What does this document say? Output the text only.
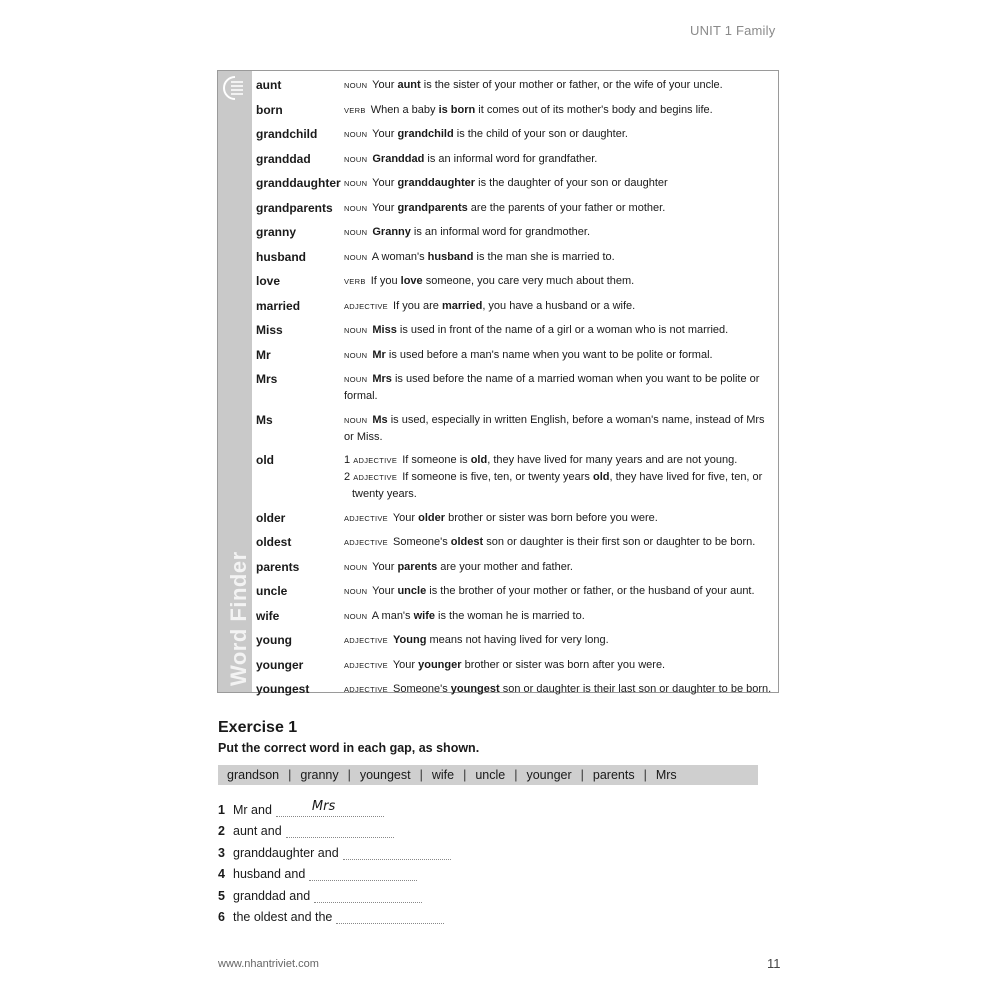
UNIT 1 Family
Word Finder
aunt	NOUN Your aunt is the sister of your mother or father, or the wife of your uncle.
born	VERB When a baby is born it comes out of its mother's body and begins life.
grandchild	NOUN Your grandchild is the child of your son or daughter.
granddad	NOUN Granddad is an informal word for grandfather.
granddaughter NOUN Your granddaughter is the daughter of your son or daughter
grandparents	NOUN Your grandparents are the parents of your father or mother.
granny	NOUN Granny is an informal word for grandmother.
husband	NOUN A woman's husband is the man she is married to.
love	VERB If you love someone, you care very much about them.
married	ADJECTIVE If you are married, you have a husband or a wife.
Miss	NOUN Miss is used in front of the name of a girl or a woman who is not married.
Mr	NOUN Mr is used before a man's name when you want to be polite or formal.
Mrs	NOUN Mrs is used before the name of a married woman when you want to be polite or formal.
Ms	NOUN Ms is used, especially in written English, before a woman's name, instead of Mrs or Miss.
old	1 ADJECTIVE If someone is old, they have lived for many years and are not young.
2 ADJECTIVE If someone is five, ten, or twenty years old, they have lived for five, ten, or twenty years.
older	ADJECTIVE Your older brother or sister was born before you were.
oldest	ADJECTIVE Someone's oldest son or daughter is their first son or daughter to be born.
parents	NOUN Your parents are your mother and father.
uncle	NOUN Your uncle is the brother of your mother or father, or the husband of your aunt.
wife	NOUN A man's wife is the woman he is married to.
young	ADJECTIVE Young means not having lived for very long.
younger	ADJECTIVE Your younger brother or sister was born after you were.
youngest	ADJECTIVE Someone's youngest son or daughter is their last son or daughter to be born.
Exercise 1
Put the correct word in each gap, as shown.
grandson | granny | youngest | wife | uncle | younger | parents | Mrs
1 Mr and	Mrs
2 aunt and
3 granddaughter and
4 husband and
5 granddad and
6 the oldest and the
www.nhantriviet.com	11
